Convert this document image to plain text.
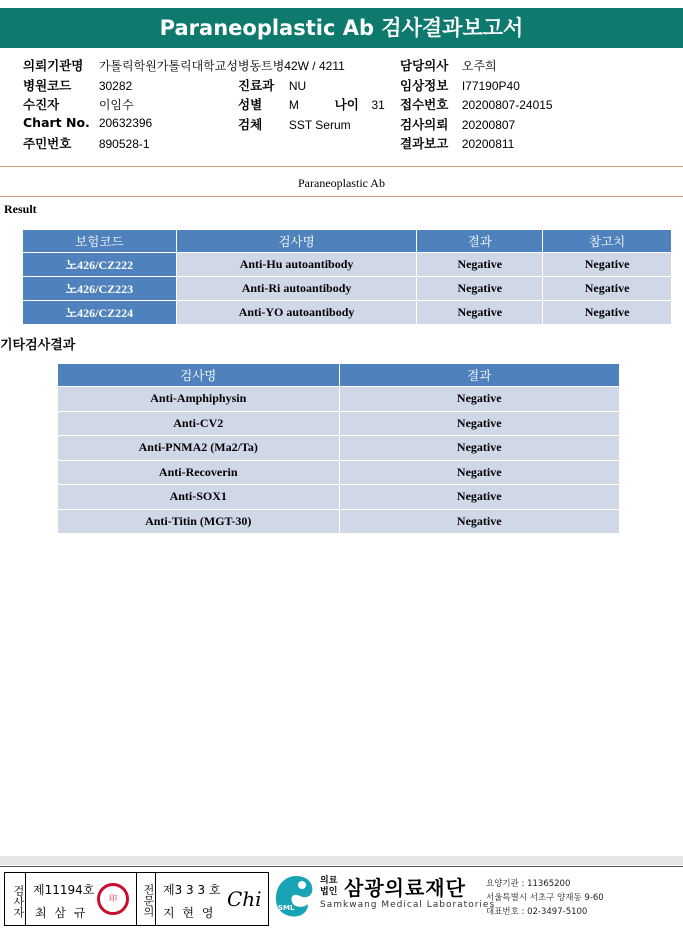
Paraneoplastic Ab 검사결과보고서
의뢰기관명 가톨릭학원가톨릭대학교성병동트병42W / 4211	담당의사 오주희
병원코드 30282	진료과 NU	임상정보 I77190P40
수진자	이임수	성별 M	나이 31 접수번호 20200807-24015
Chart No. 20632396	검체 SST Serum	검사의뢰 20200807
주민번호 890528-1	결과보고 20200811
Paraneoplastic Ab
Result
보험코드	검사명	결과	참고치
노426/CZ222	Anti-Hu autoantibody	Negative	Negative
노426/CZ223	Anti-Ri autoantibody	Negative	Negative
노426/CZ224	Anti-YO autoantibody	Negative	Negative
기타검사결과
검사명	결과
Anti-Amphiphysin	Negative
Anti-CV2	Negative
Anti-PNMA2 (Ma2/Ta)	Negative
Anti-Recoverin	Negative
Anti-SOX1	Negative
Anti-Titin (MGT-30)	Negative
검사자 제11194호
최 삼 규
印	전문의 제3 3 3 호
지 현 영
Chi SML
의료
법인 삼광의료재단
Samkwang Medical Laboratories
요양기관 : 11365200
서울특별시 서초구 양재동 9-60
대표번호 : 02-3497-5100
